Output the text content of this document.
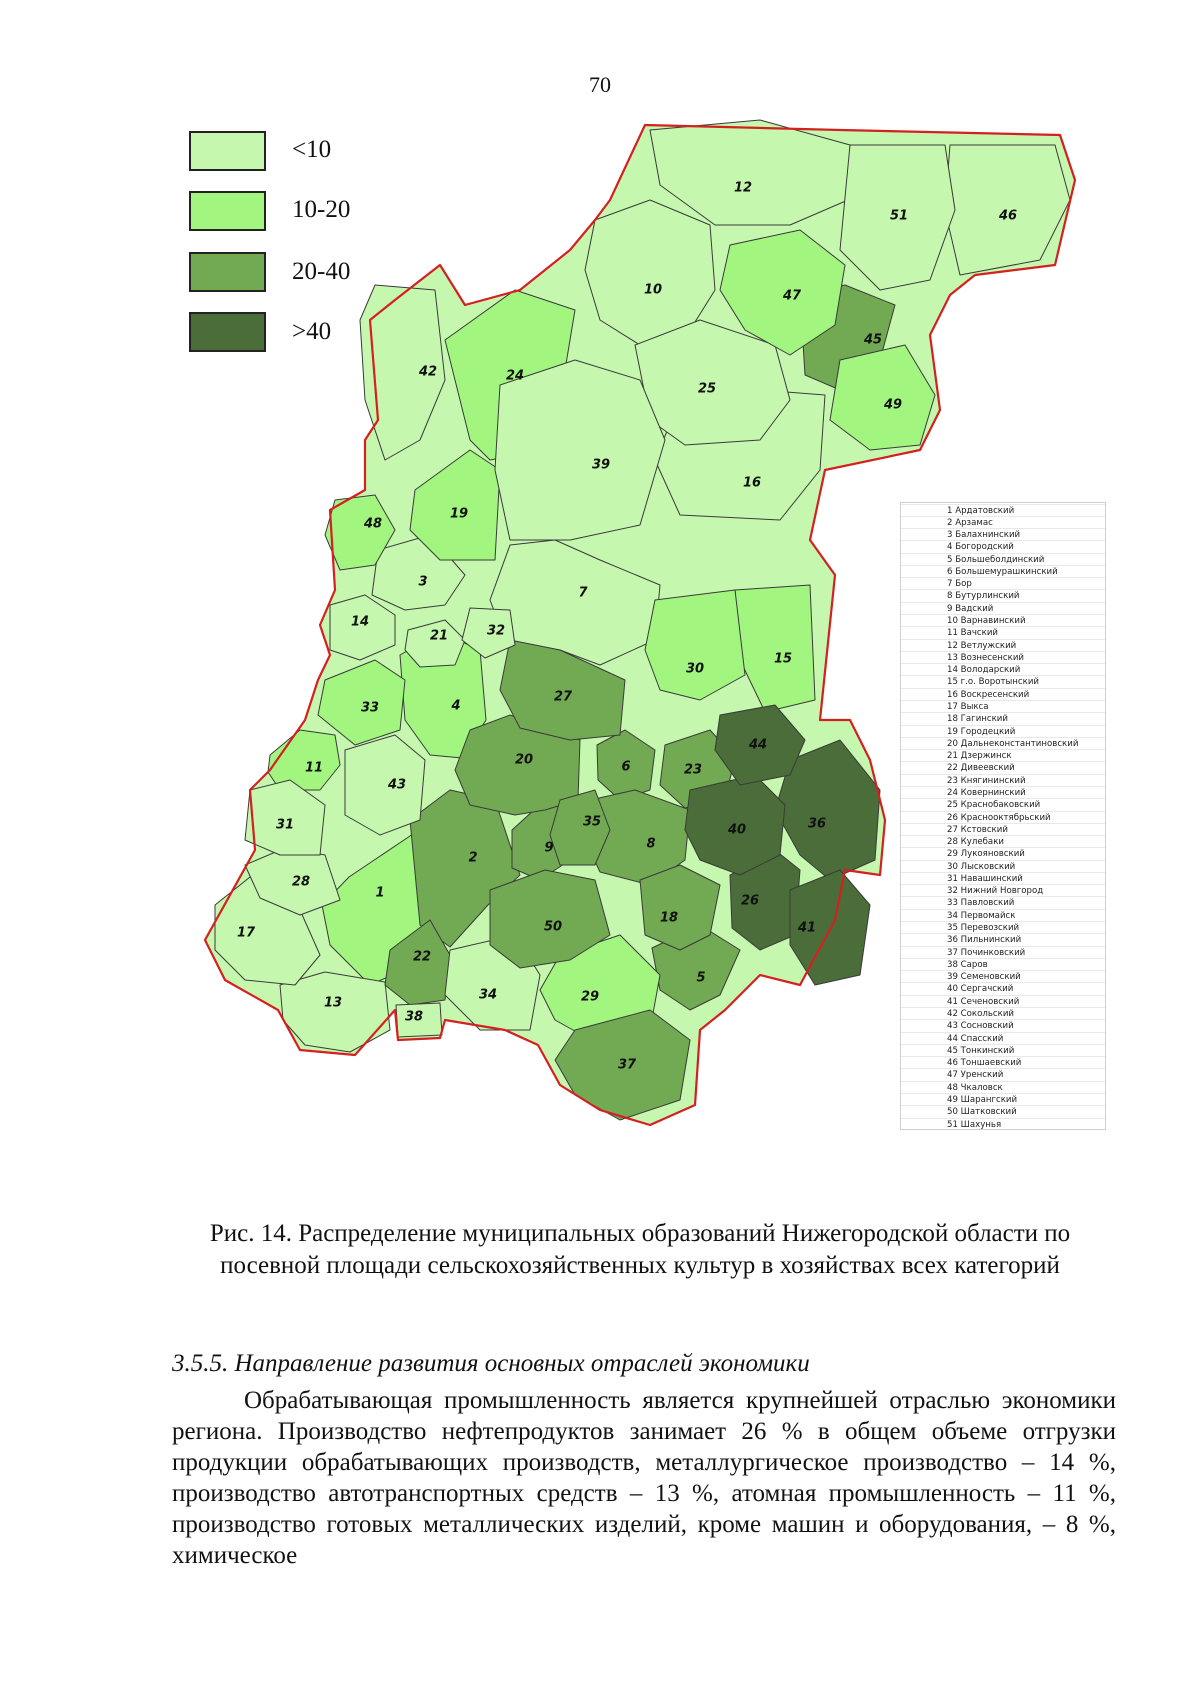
70
<10
10-20
20-40
>40
1
2
3
4
5
6
7
8
9
10
11
12
13
14
15
16
17
18
19
20
21
22
23
24
25
26
27
28
29
30
31
32
33
34
35	36
37
38
39
40
41
42
43
44
45
46
47
48
49
50
51
1 Ардатовский
2 Арзамас
3 Балахнинский
4 Богородский
5 Большеболдинский
6 Большемурашкинский
7 Бор
8 Бутурлинский
9 Вадский
10 Варнавинский
11 Вачский
12 Ветлужский
13 Вознесенский
14 Володарский
15 г.о. Воротынский
16 Воскресенский
17 Выкса
18 Гагинский
19 Городецкий
20 Дальнеконстантиновский
21 Дзержинск
22 Дивеевский
23 Княгининский
24 Ковернинский
25 Краснобаковский
26 Краснооктябрьский
27 Кстовский
28 Кулебаки
29 Лукояновский
30 Лысковский
31 Навашинский
32 Нижний Новгород
33 Павловский
34 Первомайск
35 Перевозский
36 Пильнинский
37 Починковский
38 Саров
39 Семеновский
40 Сергачский
41 Сеченовский
42 Сокольский
43 Сосновский
44 Спасский
45 Тонкинский
46 Тоншаевский
47 Уренский
48 Чкаловск
49 Шарангский
50 Шатковский
51 Шахунья
Рис. 14. Распределение муниципальных образований Нижегородской области по посевной площади сельскохозяйственных культур в хозяйствах всех категорий
3.5.5. Направление развития основных отраслей экономики

Обрабатывающая промышленность является крупнейшей отраслью экономики региона. Производство нефтепродуктов занимает 26 % в общем объеме отгрузки продукции обрабатывающих производств, металлургическое производство – 14 %, производство автотранспортных средств – 13 %, атомная промышленность – 11 %, производство готовых металлических изделий, кроме машин и оборудования, – 8 %, химическое
